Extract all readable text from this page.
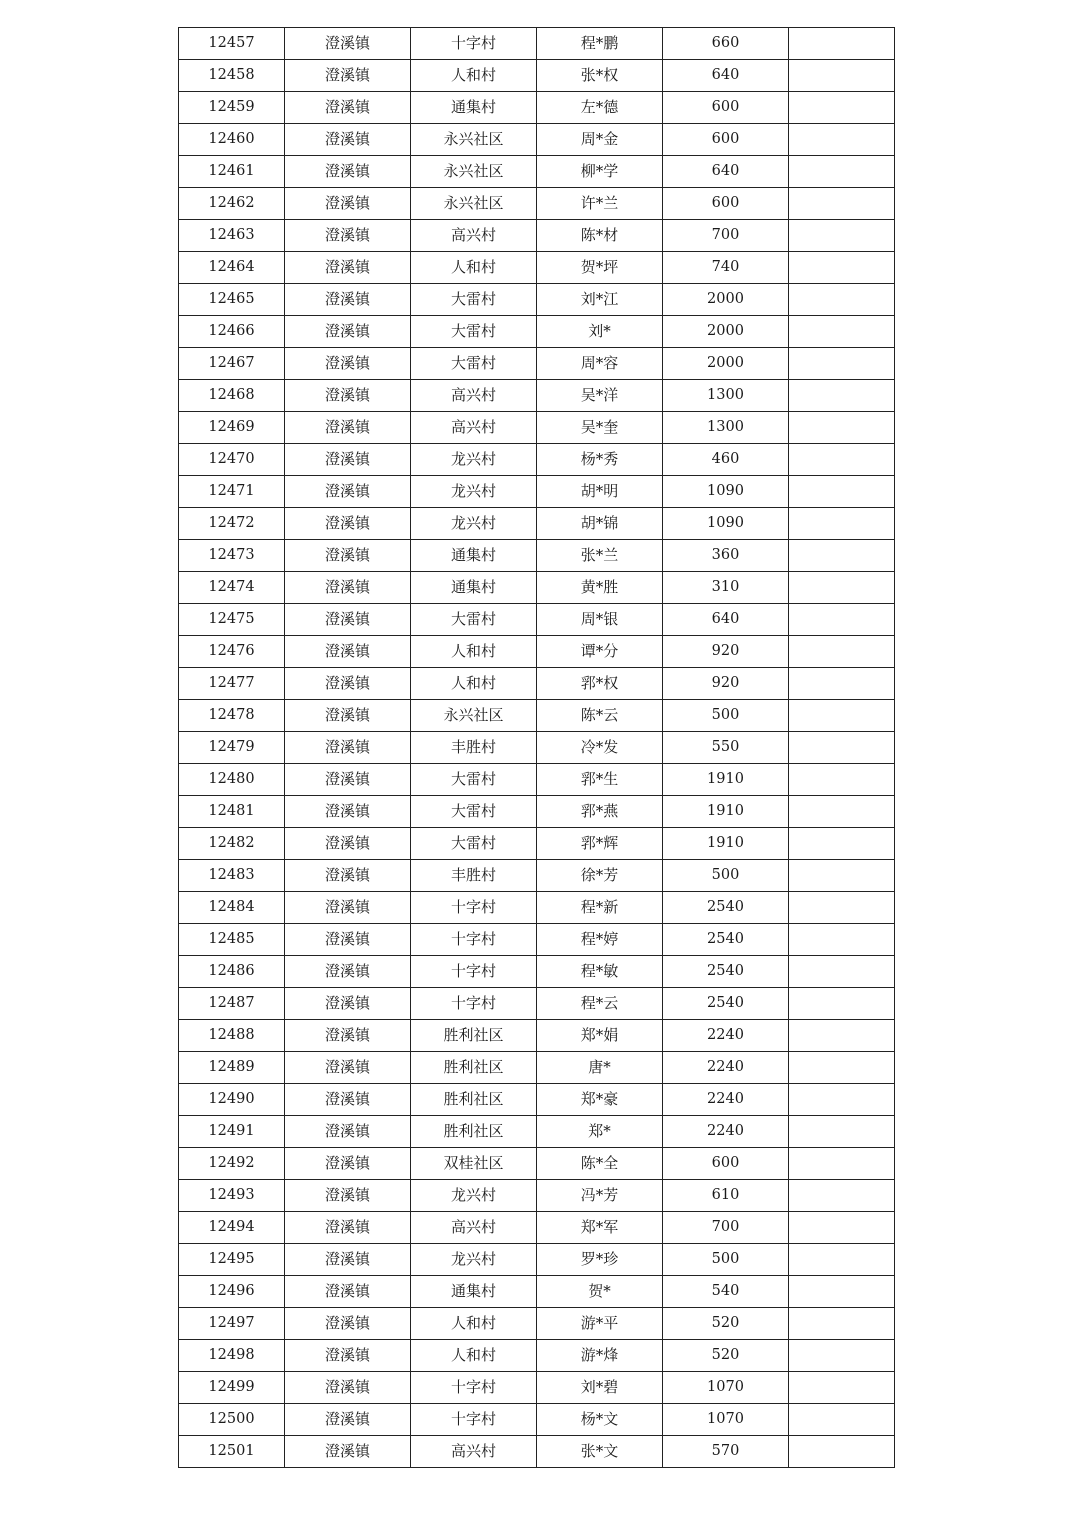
12457	澄溪镇	十字村	程*鹏	660	
12458	澄溪镇	人和村	张*权	640	
12459	澄溪镇	通集村	左*德	600	
12460	澄溪镇	永兴社区	周*金	600	
12461	澄溪镇	永兴社区	柳*学	640	
12462	澄溪镇	永兴社区	许*兰	600	
12463	澄溪镇	高兴村	陈*材	700	
12464	澄溪镇	人和村	贺*坪	740	
12465	澄溪镇	大雷村	刘*江	2000	
12466	澄溪镇	大雷村	刘*	2000	
12467	澄溪镇	大雷村	周*容	2000	
12468	澄溪镇	高兴村	吴*洋	1300	
12469	澄溪镇	高兴村	吴*奎	1300	
12470	澄溪镇	龙兴村	杨*秀	460	
12471	澄溪镇	龙兴村	胡*明	1090	
12472	澄溪镇	龙兴村	胡*锦	1090	
12473	澄溪镇	通集村	张*兰	360	
12474	澄溪镇	通集村	黄*胜	310	
12475	澄溪镇	大雷村	周*银	640	
12476	澄溪镇	人和村	谭*分	920	
12477	澄溪镇	人和村	郛*权	920	
12478	澄溪镇	永兴社区	陈*云	500	
12479	澄溪镇	丰胜村	冷*发	550	
12480	澄溪镇	大雷村	郛*生	1910	
12481	澄溪镇	大雷村	郛*燕	1910	
12482	澄溪镇	大雷村	郛*辉	1910	
12483	澄溪镇	丰胜村	徐*芳	500	
12484	澄溪镇	十字村	程*新	2540	
12485	澄溪镇	十字村	程*婷	2540	
12486	澄溪镇	十字村	程*敏	2540	
12487	澄溪镇	十字村	程*云	2540	
12488	澄溪镇	胜利社区	郑*娟	2240	
12489	澄溪镇	胜利社区	唐*	2240	
12490	澄溪镇	胜利社区	郑*豪	2240	
12491	澄溪镇	胜利社区	郑*	2240	
12492	澄溪镇	双桂社区	陈*全	600	
12493	澄溪镇	龙兴村	冯*芳	610	
12494	澄溪镇	高兴村	郑*军	700	
12495	澄溪镇	龙兴村	罗*珍	500	
12496	澄溪镇	通集村	贺*	540	
12497	澄溪镇	人和村	游*平	520	
12498	澄溪镇	人和村	游*烽	520	
12499	澄溪镇	十字村	刘*碧	1070	
12500	澄溪镇	十字村	杨*文	1070	
12501	澄溪镇	高兴村	张*文	570	
